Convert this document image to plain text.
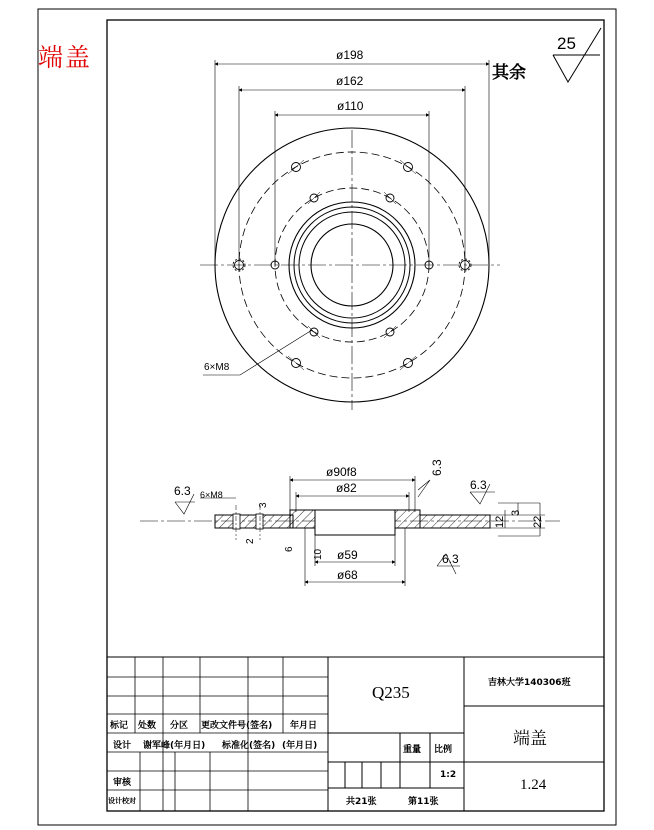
端盖	25
其余
ø198
ø162
ø110
6×M8
ø90f8
ø82
ø59
ø68
6.3 6×M8
6.3
6.3
6.3
12
3
22
3
2
6 10
Q235	吉林大学140306班
端盖
1.24
重量 比例
1:2
共21张	第11张
标记 处数 分区 更改文件号(签名) 年月日
设计 谢军峰(年月日) 标准化(签名) (年月日)
审核
设计校对
